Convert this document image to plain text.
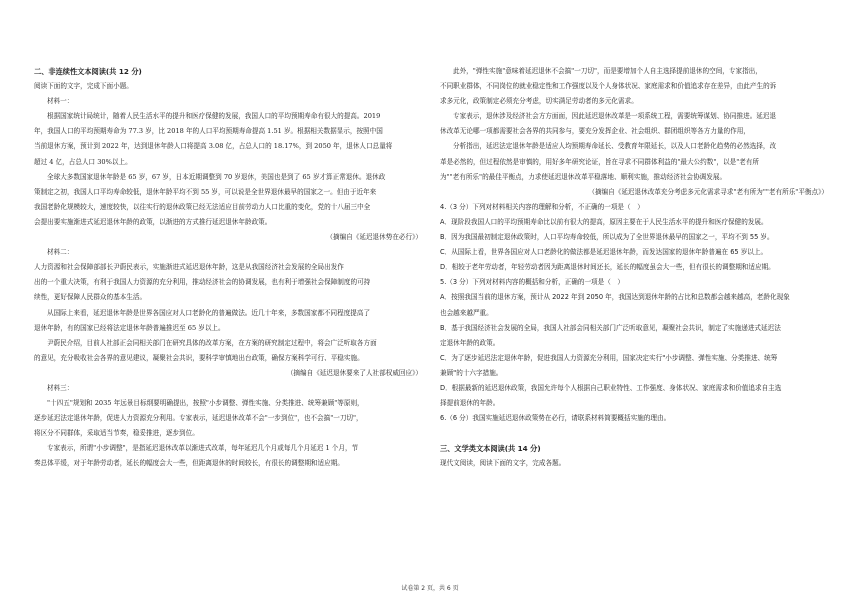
二、非连续性文本阅读(共 12 分)

阅读下面的文字，完成下面小题。

材料一：

根据国家统计局统计，随着人民生活水平的提升和医疗保健的发展，我国人口的平均预期寿命有很大的提高。2019

年，我国人口的平均预期寿命为 77.3 岁，比 2018 年的人口平均预期寿命提高 1.51 岁。根据相关数据显示，按照中国

当前退休方案，预计到 2022 年，达到退休年龄人口将提高 3.08 亿，占总人口的 18.17%，到 2050 年，退休人口总量将

超过 4 亿，占总人口 30%以上。

全球大多数国家退休年龄是 65 岁，67 岁，日本近期调整到 70 岁退休，美国也是到了 65 岁才算正常退休。退休政

策制定之初，我国人口平均寿命较低，退休年龄平均不到 55 岁，可以说是全世界退休最早的国家之一。但由于近年来

我国老龄化规模较大，速度较快，以往实行的退休政策已经无法适应目前劳动力人口比重的变化，党的十八届三中全

会提出要实施渐进式延迟退休年龄的政策，以渐进的方式推行延迟退休年龄政策。

（摘编自《延迟退休势在必行》）

材料二：

人力资源和社会保障部部长尹蔚民表示，实施渐进式延迟退休年龄，这是从我国经济社会发展的全局出发作

出的一个重大决策，有利于我国人力资源的充分利用，推动经济社会的协调发展，也有利于增强社会保障制度的可持

续性，更好保障人民群众的基本生活。

从国际上来看，延迟退休年龄是世界各国应对人口老龄化的普遍做法。近几十年来，多数国家都不同程度提高了

退休年龄，有的国家已经将法定退休年龄普遍推迟至 65 岁以上。

尹蔚民介绍，目前人社部正会同相关部门在研究具体的改革方案，在方案的研究制定过程中，将会广泛听取各方面

的意见，充分吸收社会各界的意见建议，凝聚社会共识，要科学审慎地出台政策，确保方案科学可行、平稳实施。

（摘编自《延迟退休要来了人社部权威回应》）

材料三：

"十四五"规划和 2035 年远景目标纲要明确提出，按照"小步调整、弹性实施、分类推进、统筹兼顾"等原则，

逐步延迟法定退休年龄，促进人力资源充分利用。专家表示，延迟退休改革不会"一步到位"，也不会搞"一刀切"，

将区分不同群体，采取适当节奏，稳妥推进，逐步到位。

专家表示，所谓"小步调整"，是指延迟退休改革以渐进式改革，每年延迟几个月或每几个月延迟 1 个月，节

奏总体平缓，对于年龄劳动者，延长的幅度会大一些，但距离退休的时间较长，有很长的调整期和适应期。

此外，"弹性实施"意味着延迟退休不会搞"一刀切"，而是要增加个人自主选择提前退休的空间，专家指出，

不同职业群体，不同岗位的就业稳定性和工作强度以及个人身体状况、家庭需求和价值追求存在差异，由此产生的诉

求多元化，政策制定必须充分考虑，切实满足劳动者的多元化需求。

专家表示，退休涉及经济社会方方面面，因此延迟退休改革是一项系统工程，需要统筹谋划、协同推进。延迟退

休改革无论哪一项都需要社会各界的共同参与，要充分发挥企业、社会组织、群团组织等各方力量的作用，

分析指出，延迟法定退休年龄是适应人均预期寿命延长、受教育年限延长，以及人口老龄化趋势的必然选择，改

革是必然的，但过程依然是审慎的，用好多年研究论证，旨在寻求不同群体利益的"最大公约数"，以是"老有所

为""老有所乐"的最佳平衡点，力求使延迟退休改革平稳落地、顺利实施，推动经济社会协调发展。

（摘编自《延迟退休改革充分考虑多元化需求寻求"老有所为""老有所乐"平衡点》）

4.（3 分）下列对材料相关内容的理解和分析，不正确的一项是（　）

A．现阶段我国人口的平均预期寿命比以前有很大的提高，原因主要在于人民生活水平的提升和医疗保健的发展。

B．因为我国最初制定退休政策时，人口平均寿命较低，所以成为了全世界退休最早的国家之一，平均不到 55 岁。

C．从国际上看，世界各国应对人口老龄化的做法都是延迟退休年龄，而发达国家的退休年龄普遍在 65 岁以上。

D．相较于老年劳动者，年轻劳动者因为距离退休时间还长，延长的幅度虽会大一些，但有很长的调整期和适应期。

5.（3 分）下列对材料内容的概括和分析，正确的一项是（　）

A．按照我国当前的退休方案，预计从 2022 年到 2050 年，我国达到退休年龄的占比和总数都会越来越高，老龄化现象

也会越来越严重。

B．基于我国经济社会发展的全局，我国人社部会同相关部门广泛听取意见，凝聚社会共识，制定了实施递进式延迟法

定退休年龄的政策。

C．为了逐步延迟法定退休年龄，促进我国人力资源充分利用，国家决定实行"小步调整、弹性实施、分类推进、统筹

兼顾"的十六字措施。

D．根据最新的延迟退休政策，我国允许每个人根据自己职业特性、工作强度、身体状况、家庭需求和价值追求自主选

择提前退休的年龄。

6.（6 分）我国实施延迟退休政策势在必行，请联系材料简要概括实施的理由。

三、文学类文本阅读(共 14 分)

现代文阅读，阅读下面的文字，完成各题。

试卷第 2 页，共 6 页
